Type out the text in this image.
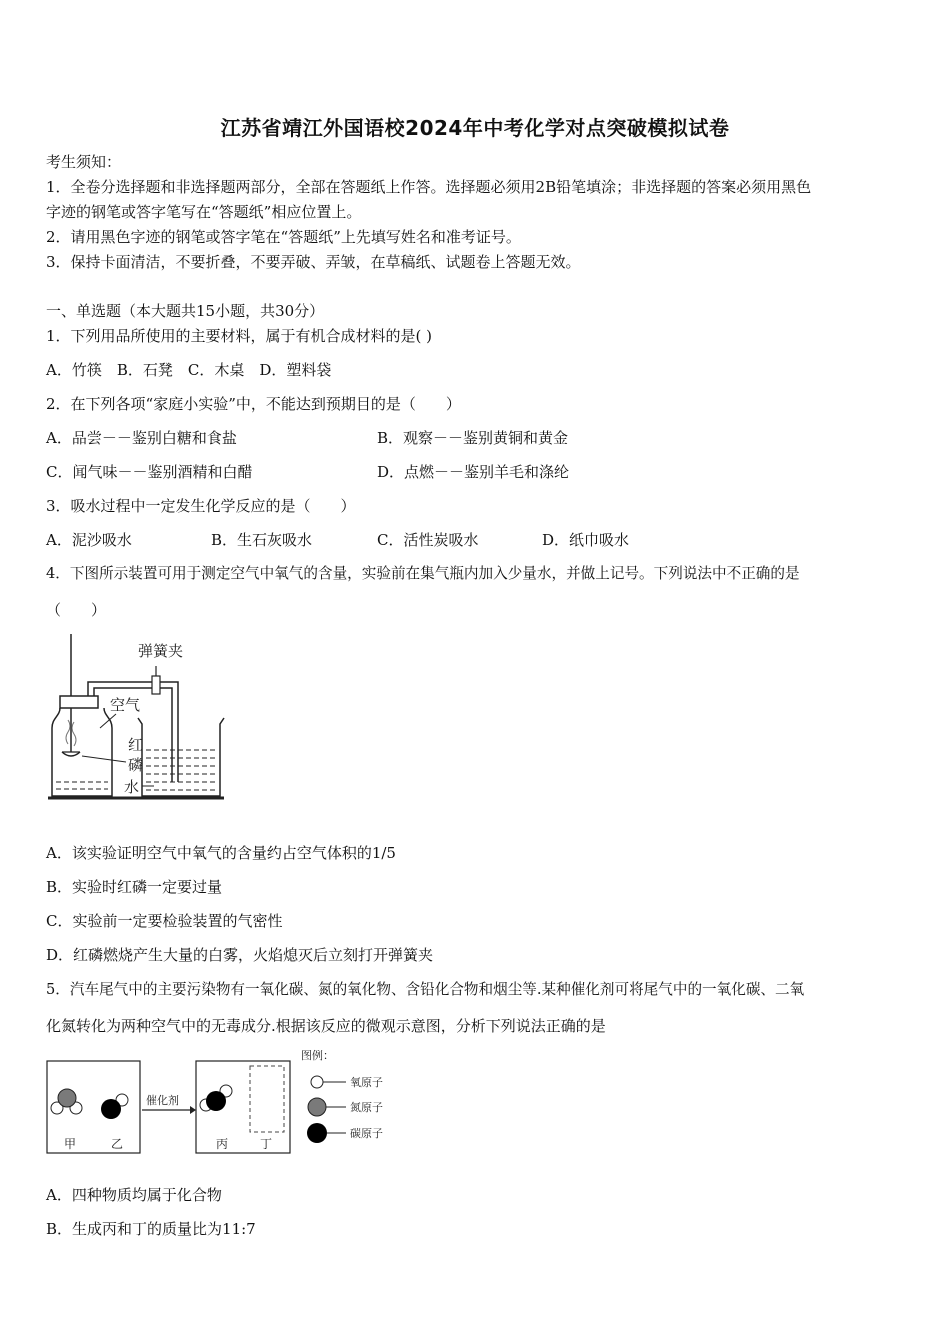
江苏省靖江外国语校2024年中考化学对点突破模拟试卷
考生须知：
1．全卷分选择题和非选择题两部分，全部在答题纸上作答。选择题必须用2B铅笔填涂；非选择题的答案必须用黑色
字迹的钢笔或答字笔写在“答题纸”相应位置上。
2．请用黑色字迹的钢笔或答字笔在“答题纸”上先填写姓名和准考证号。
3．保持卡面清洁，不要折叠，不要弄破、弄皱，在草稿纸、试题卷上答题无效。
一、单选题（本大题共15小题，共30分）
1．下列用品所使用的主要材料，属于有机合成材料的是( )
A．竹筷　B．石凳　C．木桌　D．塑料袋
2．在下列各项“家庭小实验”中，不能达到预期目的是（　　）
A．品尝－－鉴别白糖和食盐	B．观察－－鉴别黄铜和黄金
C．闻气味－－鉴别酒精和白醋	D．点燃－－鉴别羊毛和涤纶
3．吸水过程中一定发生化学反应的是（　　）
A．泥沙吸水	B．生石灰吸水	C．活性炭吸水	D．纸巾吸水
4．下图所示装置可用于测定空气中氧气的含量，实验前在集气瓶内加入少量水，并做上记号。下列说法中不正确的是
（　　）
弹簧夹
空气
红
磷
水
A．该实验证明空气中氧气的含量约占空气体积的1/5
B．实验时红磷一定要过量
C．实验前一定要检验装置的气密性
D．红磷燃烧产生大量的白雾，火焰熄灭后立刻打开弹簧夹
5．汽车尾气中的主要污染物有一氧化碳、氮的氧化物、含铅化合物和烟尘等.某种催化剂可将尾气中的一氧化碳、二氧
化氮转化为两种空气中的无毒成分.根据该反应的微观示意图，分析下列说法正确的是
甲	乙
催化剂
丙	丁
图例：
氧原子
氮原子
碳原子
A．四种物质均属于化合物
B．生成丙和丁的质量比为11:7
